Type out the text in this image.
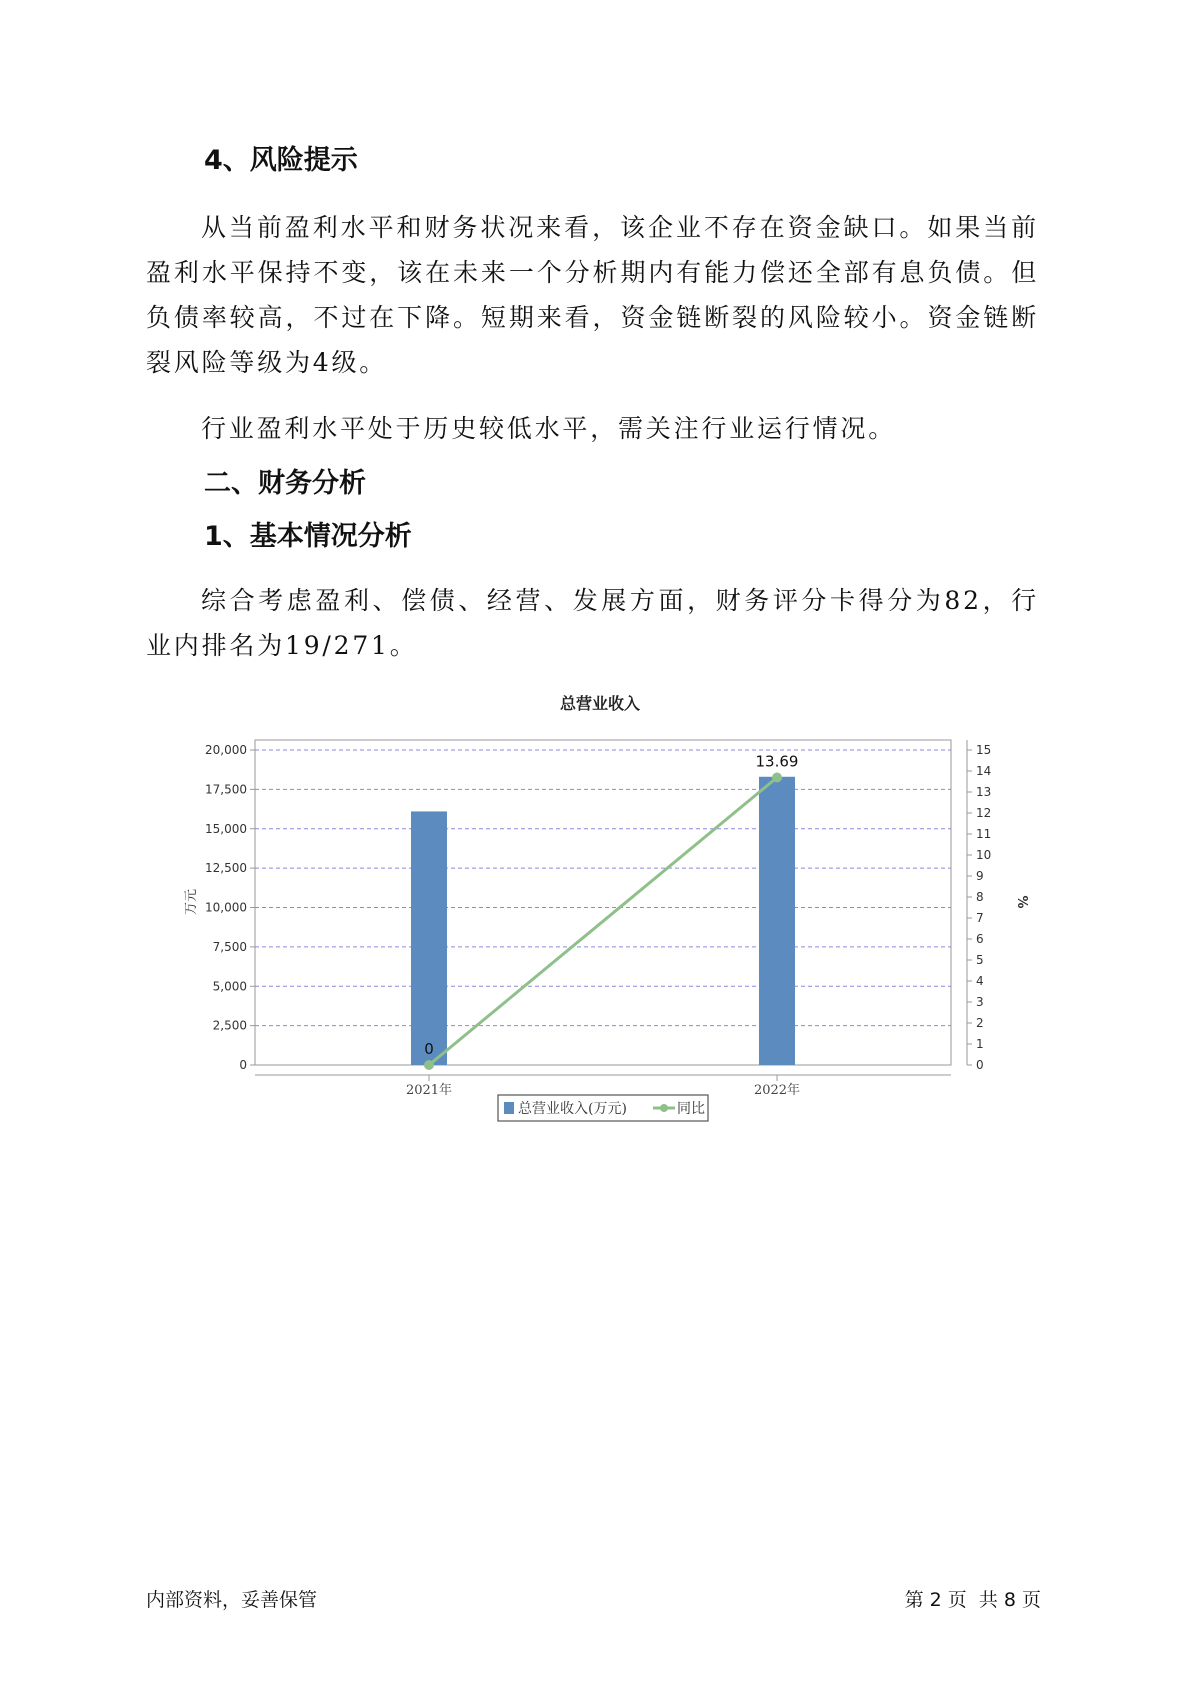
4、风险提示

从当前盈利水平和财务状况来看，该企业不存在资金缺口。如果当前盈利水平保持不变，该在未来一个分析期内有能力偿还全部有息负债。但负债率较高，不过在下降。短期来看，资金链断裂的风险较小。资金链断裂风险等级为4级。

行业盈利水平处于历史较低水平，需关注行业运行情况。

二、财务分析
1、基本情况分析

综合考虑盈利、偿债、经营、发展方面，财务评分卡得分为82，行业内排名为19/271。

总营业收入
0
2,500
5,000
7,500
10,000
12,500
15,000
17,500
20,000
0
1
2
3
4
5
6
7
8
9
10
11
12
13
14
15
2021年	2022年
0
13.69
万元	%
总营业收入(万元)	同比
内部资料，妥善保管	第 2 页  共 8 页
